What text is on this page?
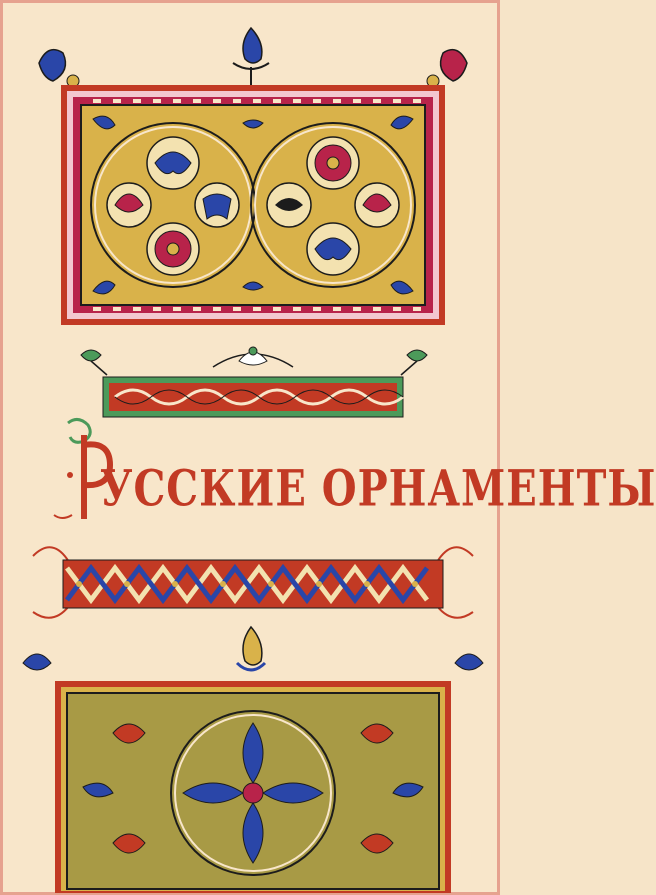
Р
УССКИЕ ОРНАМЕНТЫ
